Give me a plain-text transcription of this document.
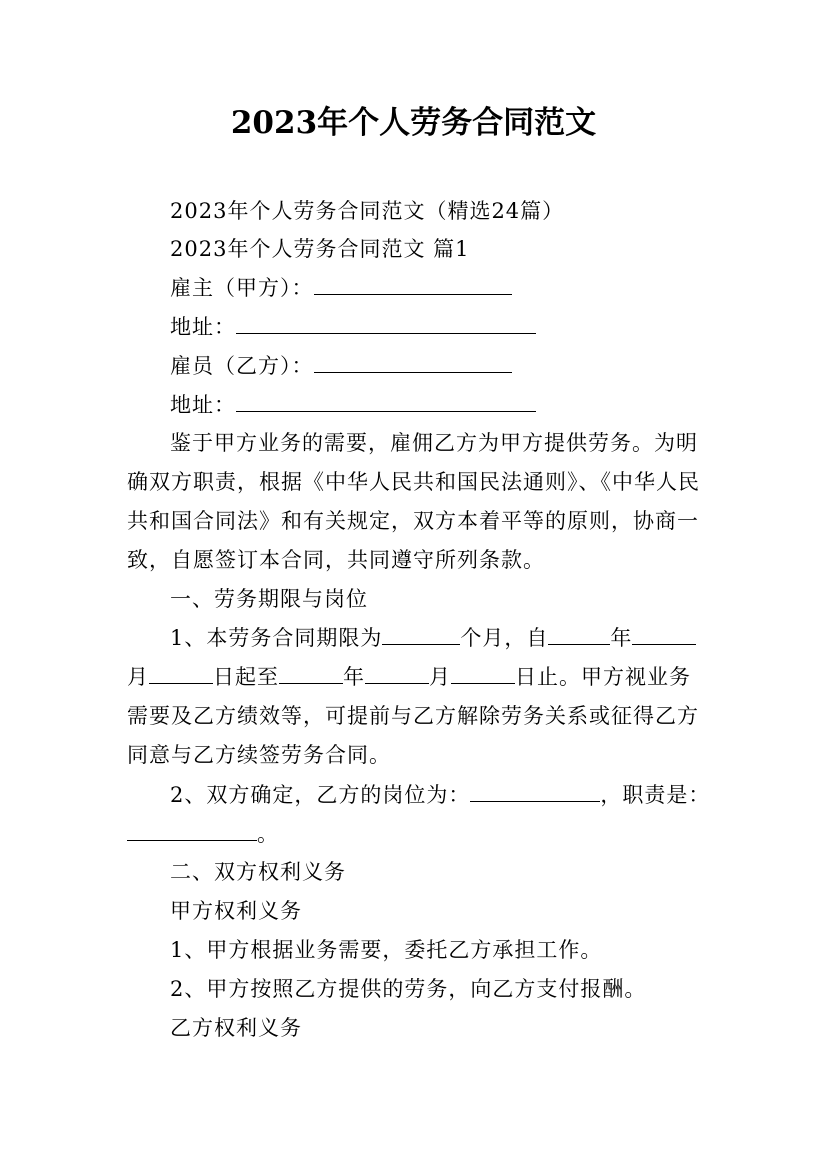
2023年个人劳务合同范文
2023年个人劳务合同范文（精选24篇）
2023年个人劳务合同范文 篇1
雇主（甲方）：
地址：
雇员（乙方）：
地址：
鉴于甲方业务的需要，雇佣乙方为甲方提供劳务。为明
确双方职责，根据《中华人民共和国民法通则》、《中华人民
共和国合同法》和有关规定，双方本着平等的原则，协商一
致，自愿签订本合同，共同遵守所列条款。
一、劳务期限与岗位
1、本劳务合同期限为	个月，自	年
月	日起至	年	月	日止。甲方视业务
需要及乙方绩效等，可提前与乙方解除劳务关系或征得乙方
同意与乙方续签劳务合同。
2、双方确定，乙方的岗位为：	，职责是：
。
二、双方权利义务
甲方权利义务
1、甲方根据业务需要，委托乙方承担工作。
2、甲方按照乙方提供的劳务，向乙方支付报酬。
乙方权利义务
